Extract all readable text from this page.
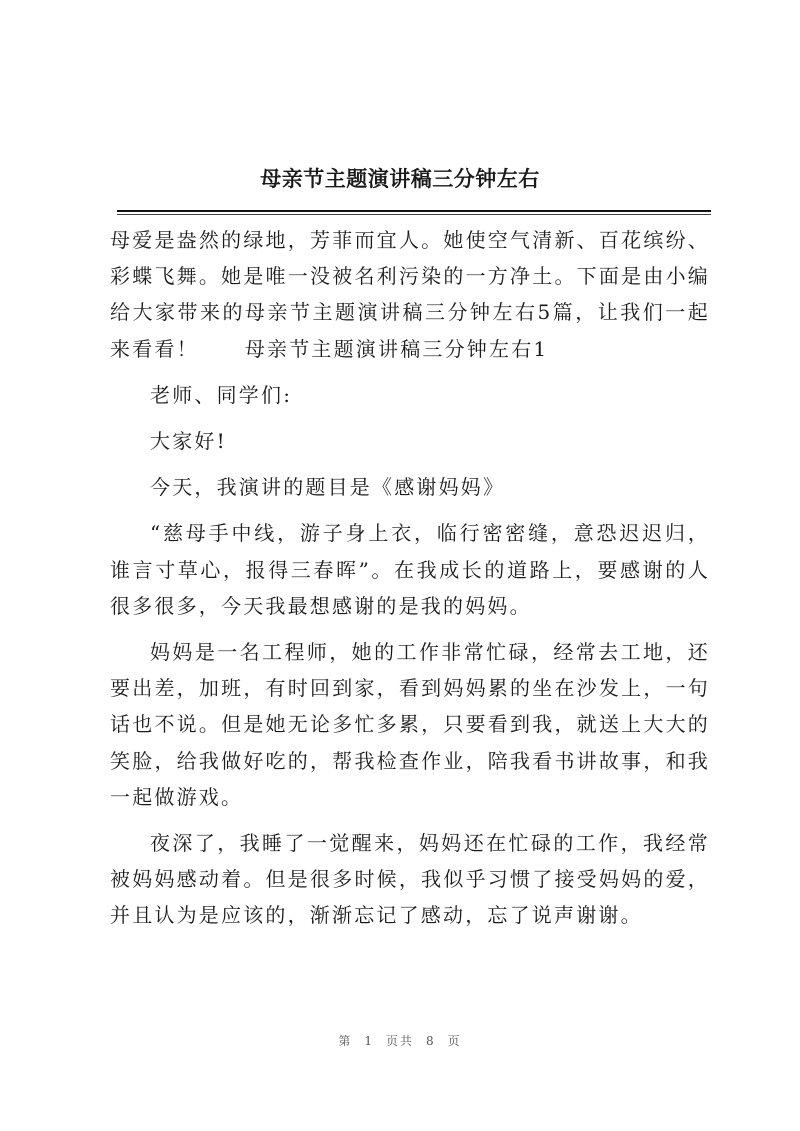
母亲节主题演讲稿三分钟左右

母爱是盎然的绿地，芳菲而宜人。她使空气清新、百花缤纷、彩蝶飞舞。她是唯一没被名利污染的一方净土。下面是由小编给大家带来的母亲节主题演讲稿三分钟左右5篇，让我们一起来看看！ 母亲节主题演讲稿三分钟左右1

老师、同学们:

大家好!

今天，我演讲的题目是《感谢妈妈》

“慈母手中线，游子身上衣，临行密密缝，意恐迟迟归，谁言寸草心，报得三春晖”。在我成长的道路上，要感谢的人很多很多，今天我最想感谢的是我的妈妈。

妈妈是一名工程师，她的工作非常忙碌，经常去工地，还要出差，加班，有时回到家，看到妈妈累的坐在沙发上，一句话也不说。但是她无论多忙多累，只要看到我，就送上大大的笑脸，给我做好吃的，帮我检查作业，陪我看书讲故事，和我一起做游戏。

夜深了，我睡了一觉醒来，妈妈还在忙碌的工作，我经常被妈妈感动着。但是很多时候，我似乎习惯了接受妈妈的爱，并且认为是应该的，渐渐忘记了感动，忘了说声谢谢。

第 1 页共 8 页
